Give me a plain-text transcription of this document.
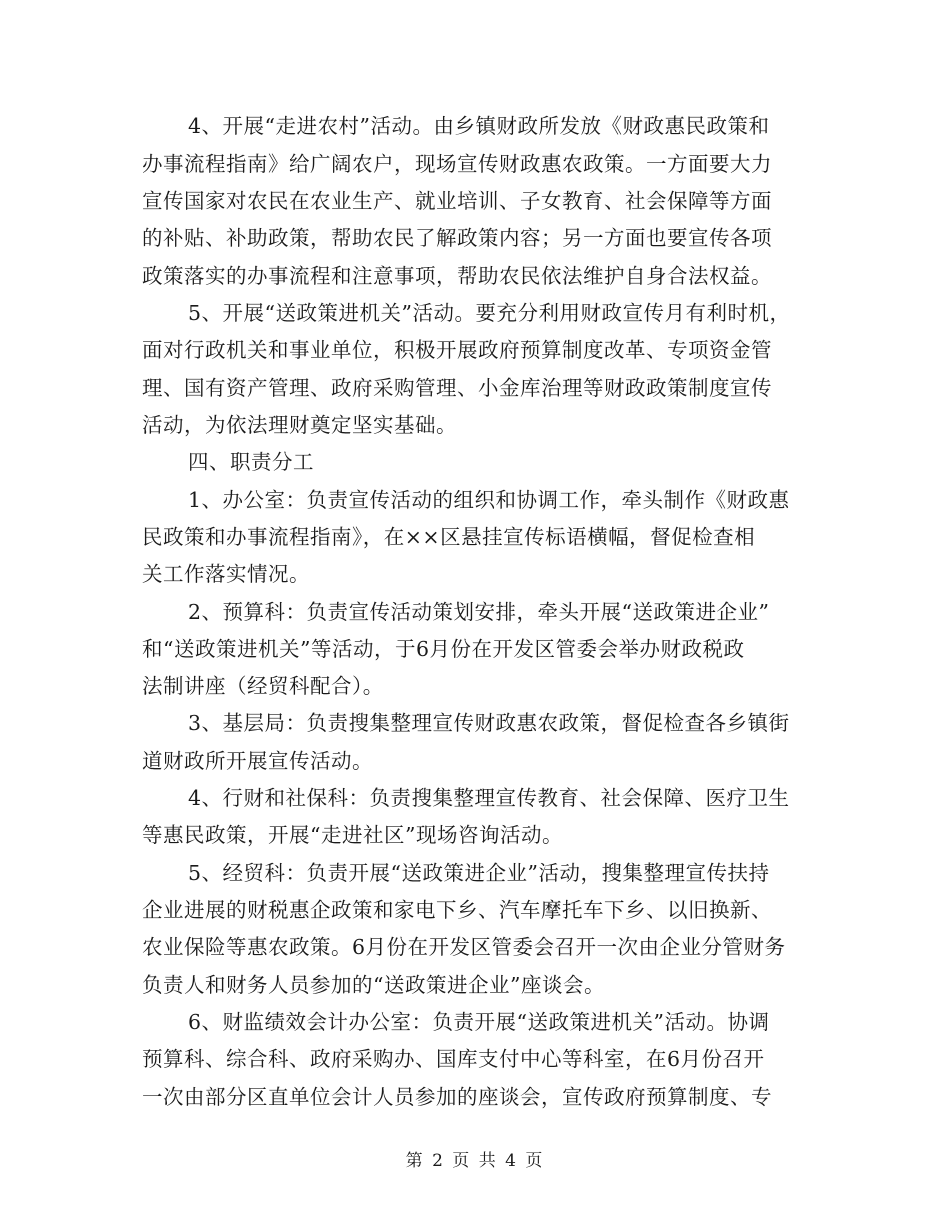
4、开展“走进农村”活动。由乡镇财政所发放《财政惠民政策和
办事流程指南》给广阔农户，现场宣传财政惠农政策。一方面要大力
宣传国家对农民在农业生产、就业培训、子女教育、社会保障等方面
的补贴、补助政策，帮助农民了解政策内容；另一方面也要宣传各项
政策落实的办事流程和注意事项，帮助农民依法维护自身合法权益。
5、开展“送政策进机关”活动。要充分利用财政宣传月有利时机，
面对行政机关和事业单位，积极开展政府预算制度改革、专项资金管
理、国有资产管理、政府采购管理、小金库治理等财政政策制度宣传
活动，为依法理财奠定坚实基础。
四、职责分工
1、办公室：负责宣传活动的组织和协调工作，牵头制作《财政惠
民政策和办事流程指南》，在××区悬挂宣传标语横幅，督促检查相
关工作落实情况。
2、预算科：负责宣传活动策划安排，牵头开展“送政策进企业”
和“送政策进机关”等活动，于6月份在开发区管委会举办财政税政
法制讲座（经贸科配合）。
3、基层局：负责搜集整理宣传财政惠农政策，督促检查各乡镇街
道财政所开展宣传活动。
4、行财和社保科：负责搜集整理宣传教育、社会保障、医疗卫生
等惠民政策，开展“走进社区”现场咨询活动。
5、经贸科：负责开展“送政策进企业”活动，搜集整理宣传扶持
企业进展的财税惠企政策和家电下乡、汽车摩托车下乡、以旧换新、
农业保险等惠农政策。6月份在开发区管委会召开一次由企业分管财务
负责人和财务人员参加的“送政策进企业”座谈会。
6、财监绩效会计办公室：负责开展“送政策进机关”活动。协调
预算科、综合科、政府采购办、国库支付中心等科室，在6月份召开
一次由部分区直单位会计人员参加的座谈会，宣传政府预算制度、专
第 2 页 共 4 页
